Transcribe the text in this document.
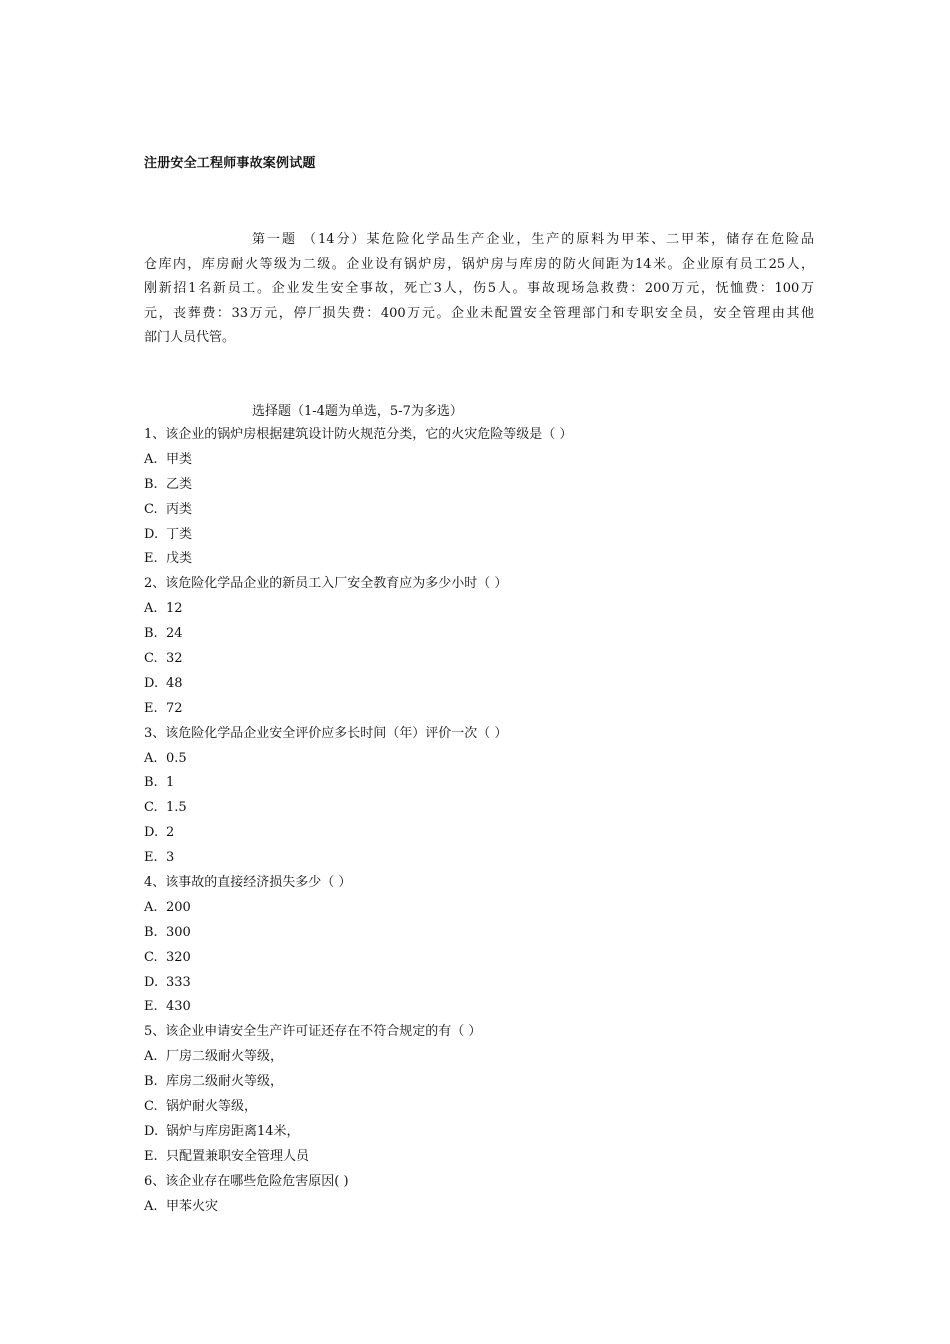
注册安全工程师事故案例试题
第一题 （14分）某危险化学品生产企业，生产的原料为甲苯、二甲苯，储存在危险品
仓库内，库房耐火等级为二级。企业设有锅炉房，锅炉房与库房的防火间距为14米。企业原有员工25人，
刚新招1名新员工。企业发生安全事故，死亡3人，伤5人。事故现场急救费：200万元，怃恤费：100万
元，丧葬费：33万元，停厂损失费：400万元。企业未配置安全管理部门和专职安全员，安全管理由其他
部门人员代管。
选择题（1-4题为单选，5-7为多选）
1、该企业的锅炉房根据建筑设计防火规范分类，它的火灾危险等级是（ ）
A. 甲类
B. 乙类
C. 丙类
D. 丁类
E. 戊类
2、该危险化学品企业的新员工入厂安全教育应为多少小时（ ）
A. 12
B. 24
C. 32
D. 48
E. 72
3、该危险化学品企业安全评价应多长时间（年）评价一次（ ）
A. 0.5
B. 1
C. 1.5
D. 2
E. 3
4、该事故的直接经济损失多少（ ）
A. 200
B. 300
C. 320
D. 333
E. 430
5、该企业申请安全生产许可证还存在不符合规定的有（ ）
A. 厂房二级耐火等级，
B. 库房二级耐火等级，
C. 锅炉耐火等级，
D. 锅炉与库房距离14米，
E. 只配置兼职安全管理人员
6、该企业存在哪些危险危害原因( )
A. 甲苯火灾
